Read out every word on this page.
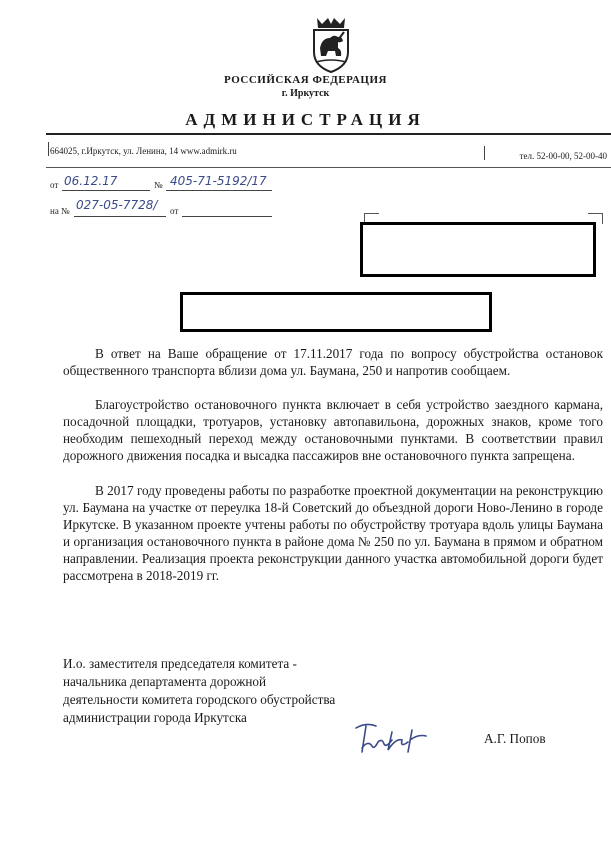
РОССИЙСКАЯ ФЕДЕРАЦИЯ
г. Иркутск
АДМИНИСТРАЦИЯ
664025, г.Иркутск, ул. Ленина, 14 www.admirk.ru	тел. 52-00-00, 52-00-40
от 06.12.17	№ 405-71-5192/17
на № 027-05-7728/ от
В ответ на Ваше обращение от 17.11.2017 года по вопросу обустройства остановок общественного транспорта вблизи дома ул. Баумана, 250 и напротив сообщаем.
Благоустройство остановочного пункта включает в себя устройство заездного кармана, посадочной площадки, тротуаров, установку автопавильона, дорожных знаков, кроме того необходим пешеходный переход между остановочными пунктами. В соответствии правил дорожного движения посадка и высадка пассажиров вне остановочного пункта запрещена.
В 2017 году проведены работы по разработке проектной документации на реконструкцию ул. Баумана на участке от переулка 18-й Советский до объездной дороги Ново-Ленино в городе Иркутске. В указанном проекте учтены работы по обустройству тротуара вдоль улицы Баумана и организация остановочного пункта в районе дома № 250 по ул. Баумана в прямом и обратном направлении. Реализация проекта реконструкции данного участка автомобильной дороги будет рассмотрена в 2018-2019 гг.
И.о. заместителя председателя комитета - начальника департамента дорожной деятельности комитета городского обустройства администрации города Иркутска
А.Г. Попов
